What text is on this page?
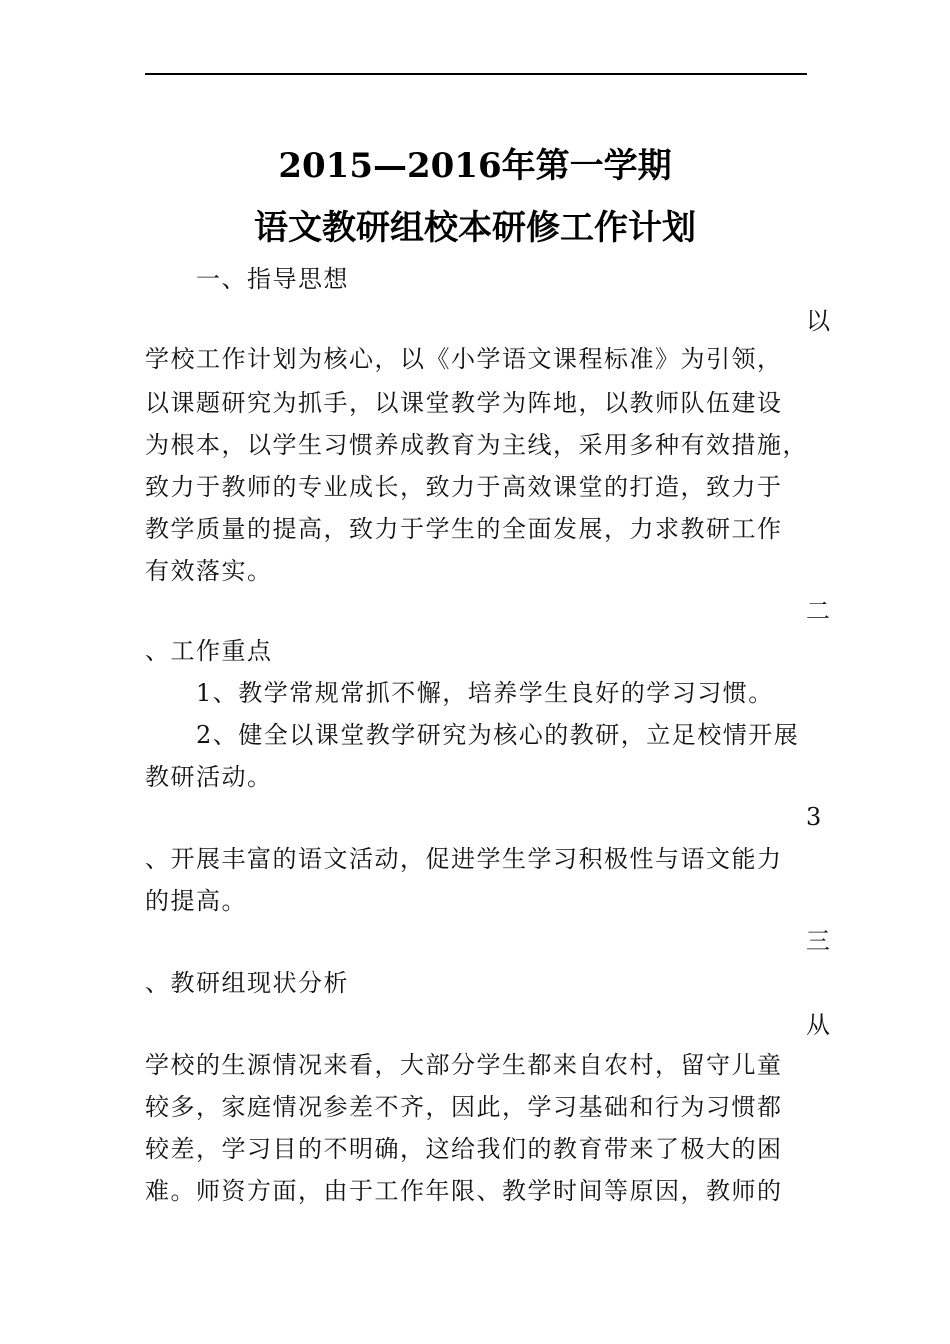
2015—2016年第一学期
语文教研组校本研修工作计划
一、指导思想
以
学校工作计划为核心，以《小学语文课程标准》为引领，
以课题研究为抓手，以课堂教学为阵地，以教师队伍建设
为根本，以学生习惯养成教育为主线，采用多种有效措施，
致力于教师的专业成长，致力于高效课堂的打造，致力于
教学质量的提高，致力于学生的全面发展，力求教研工作
有效落实。
二
、工作重点
1、教学常规常抓不懈，培养学生良好的学习习惯。
2、健全以课堂教学研究为核心的教研，立足校情开展
教研活动。
3
、开展丰富的语文活动，促进学生学习积极性与语文能力
的提高。
三
、教研组现状分析
从
学校的生源情况来看，大部分学生都来自农村，留守儿童
较多，家庭情况参差不齐，因此，学习基础和行为习惯都
较差，学习目的不明确，这给我们的教育带来了极大的困
难。师资方面，由于工作年限、教学时间等原因，教师的
